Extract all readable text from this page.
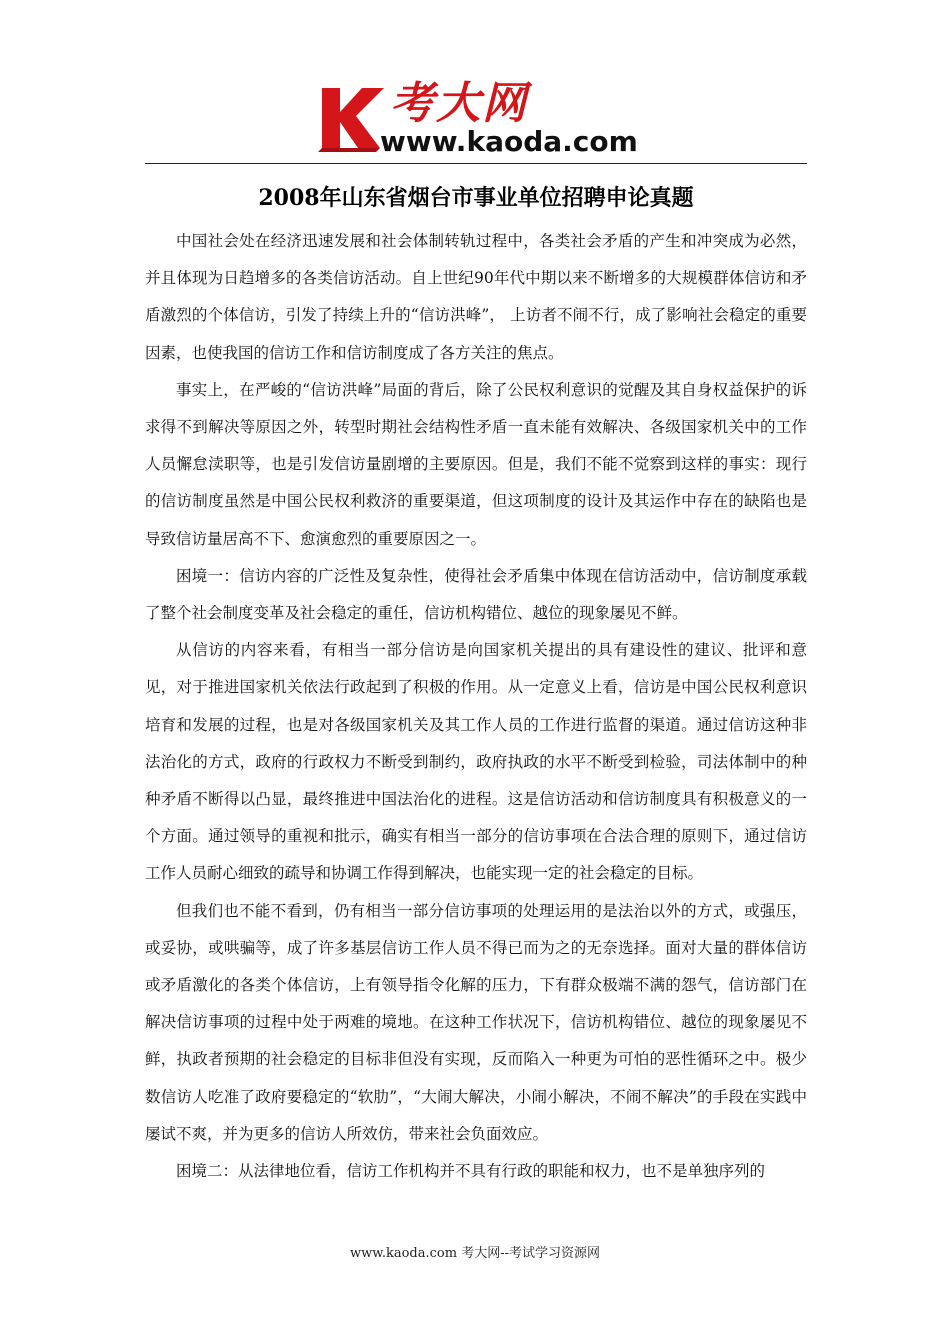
考大网
www.kaoda.com
2008年山东省烟台市事业单位招聘申论真题

中国社会处在经济迅速发展和社会体制转轨过程中，各类社会矛盾的产生和冲突成为必然，并且体现为日趋增多的各类信访活动。自上世纪90年代中期以来不断增多的大规模群体信访和矛盾激烈的个体信访，引发了持续上升的“信访洪峰”， 上访者不闹不行，成了影响社会稳定的重要因素，也使我国的信访工作和信访制度成了各方关注的焦点。

事实上，在严峻的“信访洪峰”局面的背后，除了公民权利意识的觉醒及其自身权益保护的诉求得不到解决等原因之外，转型时期社会结构性矛盾一直未能有效解决、各级国家机关中的工作人员懈怠渎职等，也是引发信访量剧增的主要原因。但是，我们不能不觉察到这样的事实：现行的信访制度虽然是中国公民权利救济的重要渠道，但这项制度的设计及其运作中存在的缺陷也是导致信访量居高不下、愈演愈烈的重要原因之一。

困境一：信访内容的广泛性及复杂性，使得社会矛盾集中体现在信访活动中，信访制度承载了整个社会制度变革及社会稳定的重任，信访机构错位、越位的现象屡见不鲜。

从信访的内容来看，有相当一部分信访是向国家机关提出的具有建设性的建议、批评和意见，对于推进国家机关依法行政起到了积极的作用。从一定意义上看，信访是中国公民权利意识培育和发展的过程，也是对各级国家机关及其工作人员的工作进行监督的渠道。通过信访这种非法治化的方式，政府的行政权力不断受到制约，政府执政的水平不断受到检验，司法体制中的种种矛盾不断得以凸显，最终推进中国法治化的进程。这是信访活动和信访制度具有积极意义的一个方面。通过领导的重视和批示，确实有相当一部分的信访事项在合法合理的原则下，通过信访工作人员耐心细致的疏导和协调工作得到解决，也能实现一定的社会稳定的目标。

但我们也不能不看到，仍有相当一部分信访事项的处理运用的是法治以外的方式，或强压，或妥协，或哄骗等，成了许多基层信访工作人员不得已而为之的无奈选择。面对大量的群体信访或矛盾激化的各类个体信访，上有领导指令化解的压力，下有群众极端不满的怨气，信访部门在解决信访事项的过程中处于两难的境地。在这种工作状况下，信访机构错位、越位的现象屡见不鲜，执政者预期的社会稳定的目标非但没有实现，反而陷入一种更为可怕的恶性循环之中。极少数信访人吃准了政府要稳定的“软肋”，“大闹大解决，小闹小解决，不闹不解决”的手段在实践中屡试不爽，并为更多的信访人所效仿，带来社会负面效应。

困境二：从法律地位看，信访工作机构并不具有行政的职能和权力，也不是单独序列的

www.kaoda.com 考大网--考试学习资源网
